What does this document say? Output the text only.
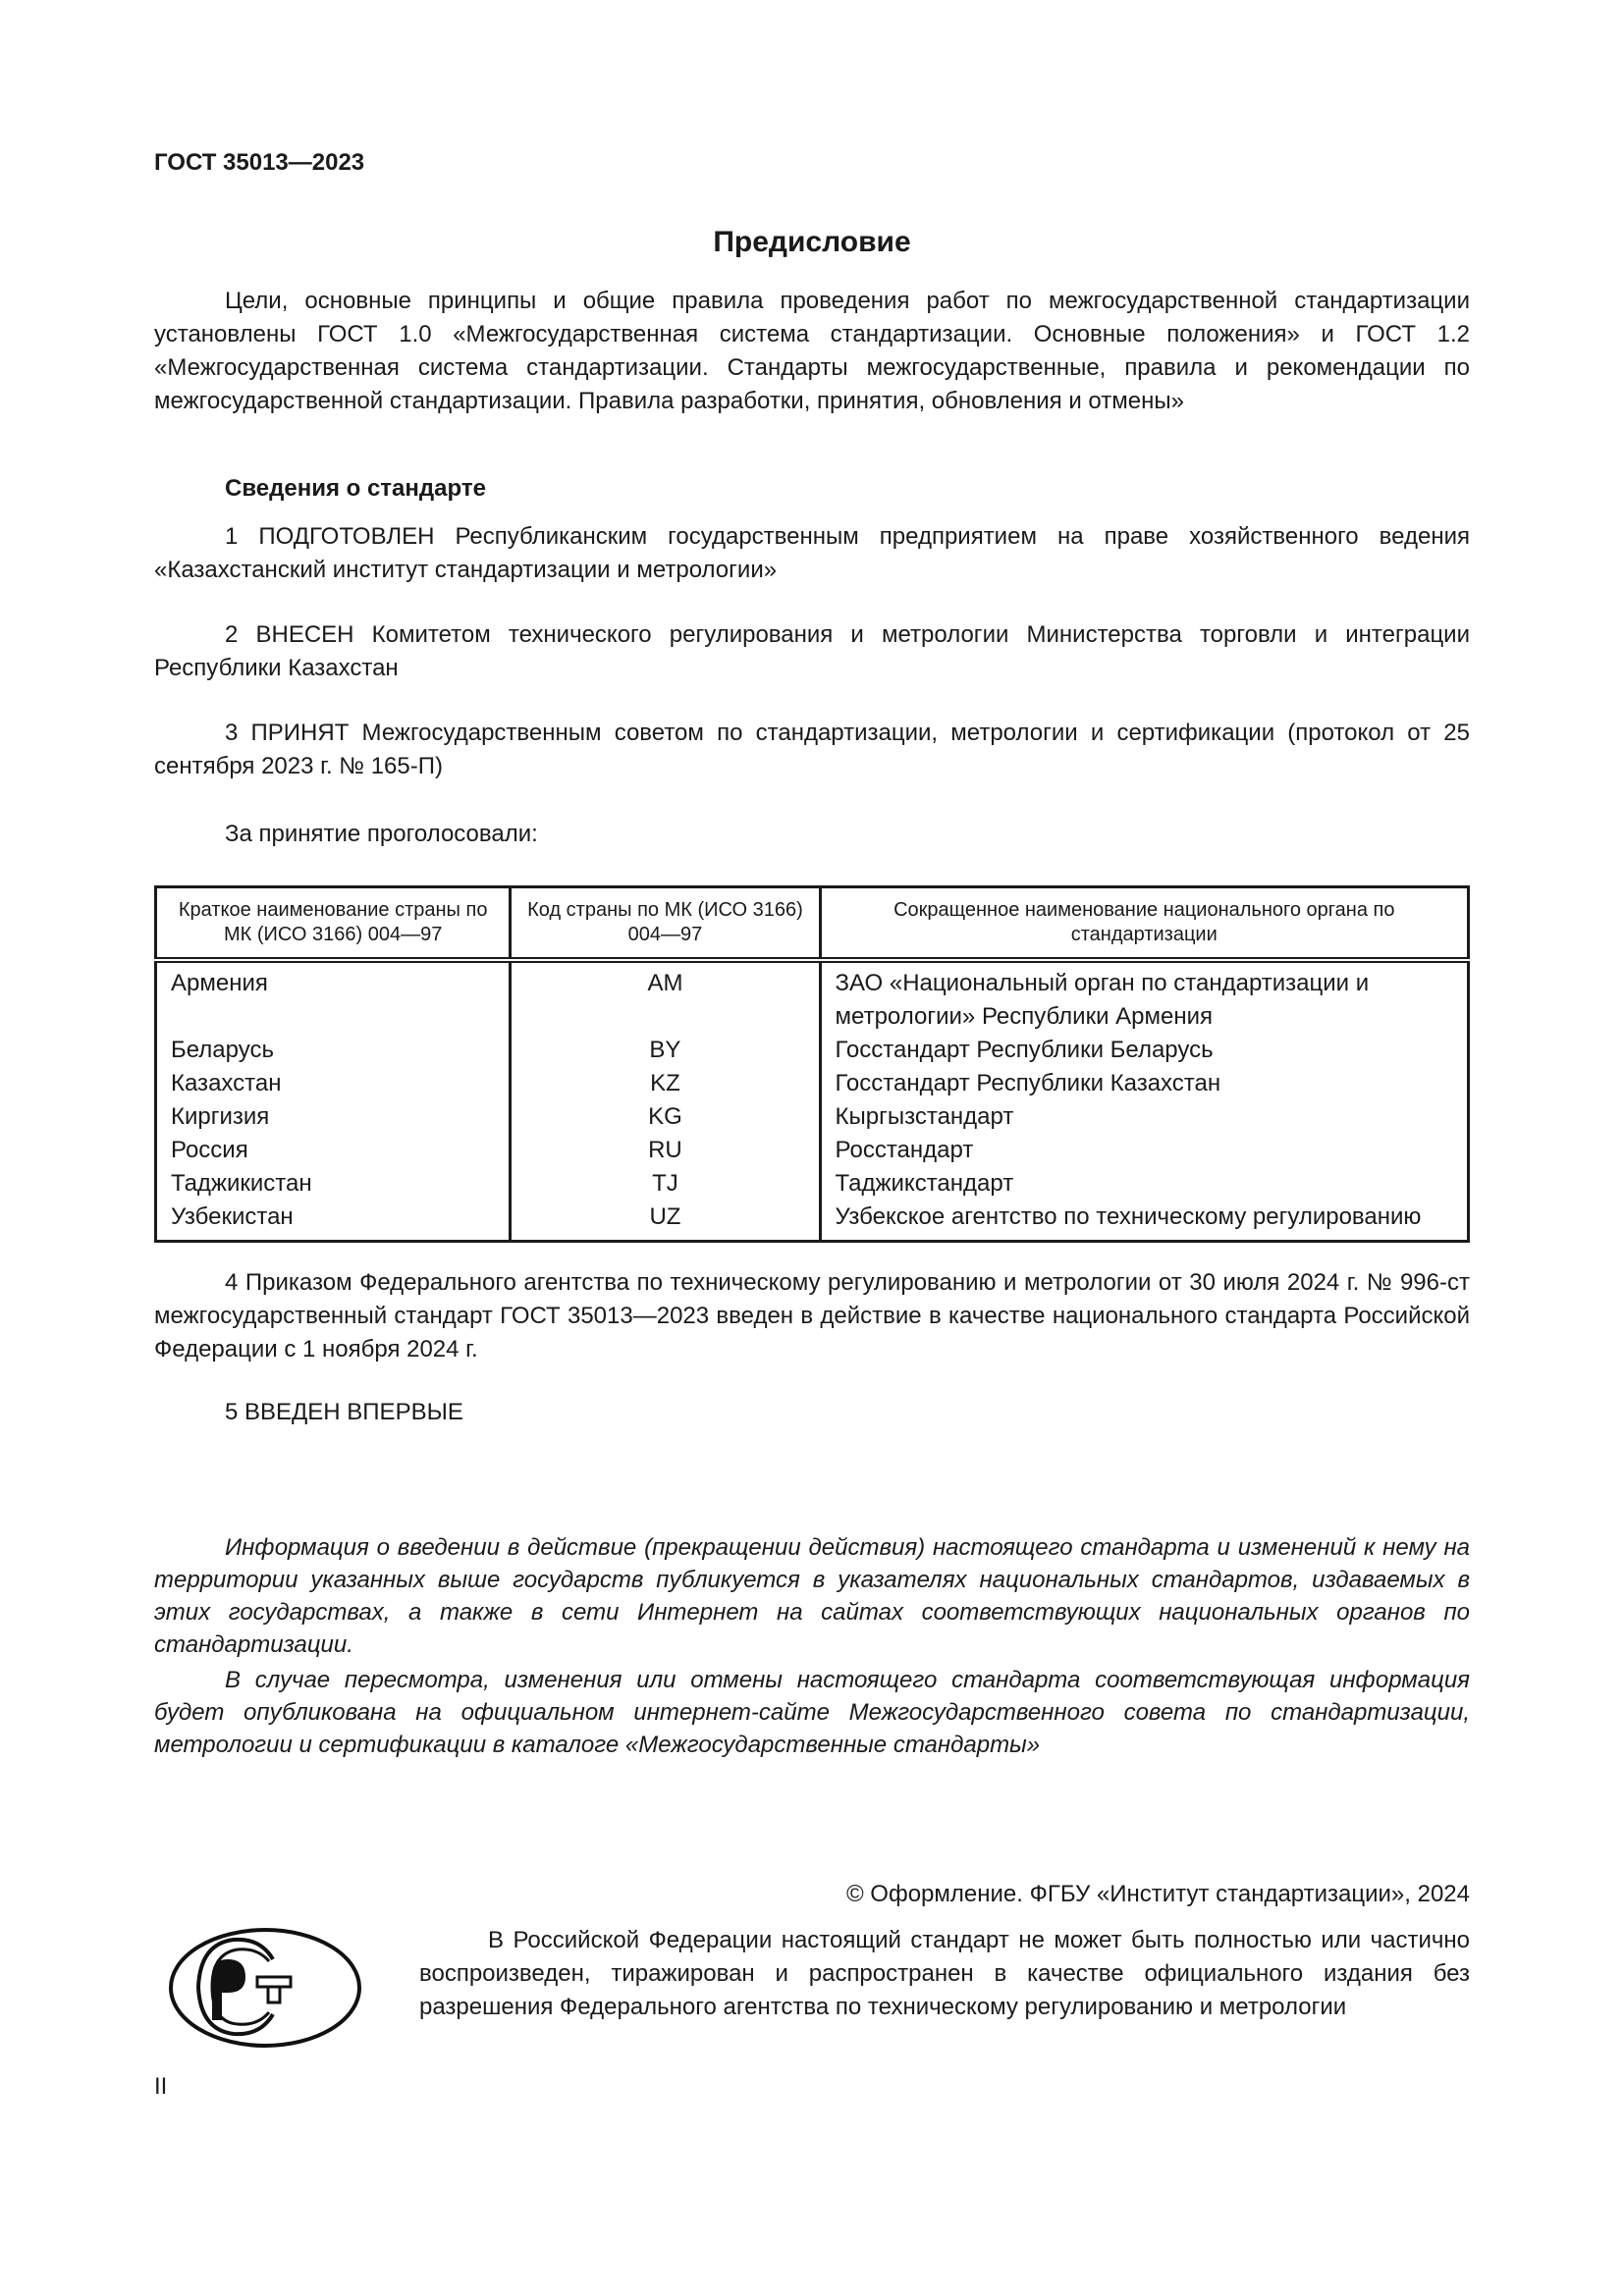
ГОСТ 35013—2023
Предисловие

Цели, основные принципы и общие правила проведения работ по межгосударственной стандартизации установлены ГОСТ 1.0 «Межгосударственная система стандартизации. Основные положения» и ГОСТ 1.2 «Межгосударственная система стандартизации. Стандарты межгосударственные, правила и рекомендации по межгосударственной стандартизации. Правила разработки, принятия, обновления и отмены»

Сведения о стандарте

1 ПОДГОТОВЛЕН Республиканским государственным предприятием на праве хозяйственного ведения «Казахстанский институт стандартизации и метрологии»

2 ВНЕСЕН Комитетом технического регулирования и метрологии Министерства торговли и интеграции Республики Казахстан

3 ПРИНЯТ Межгосударственным советом по стандартизации, метрологии и сертификации (протокол от 25 сентября 2023 г. № 165-П)

За принятие проголосовали:
Краткое наименование страны по МК (ИСО 3166) 004—97	Код страны по МК (ИСО 3166) 004—97	Сокращенное наименование национального органа по стандартизации
Армения	AM	ЗАО «Национальный орган по стандартизации и метрологии» Республики Армения
Беларусь	BY	Госстандарт Республики Беларусь
Казахстан	KZ	Госстандарт Республики Казахстан
Киргизия	KG	Кыргызстандарт
Россия	RU	Росстандарт
Таджикистан	TJ	Таджикстандарт
Узбекистан	UZ	Узбекское агентство по техническому регулированию

4 Приказом Федерального агентства по техническому регулированию и метрологии от 30 июля 2024 г. № 996-ст межгосударственный стандарт ГОСТ 35013—2023 введен в действие в качестве национального стандарта Российской Федерации с 1 ноября 2024 г.

5 ВВЕДЕН ВПЕРВЫЕ

Информация о введении в действие (прекращении действия) настоящего стандарта и изменений к нему на территории указанных выше государств публикуется в указателях национальных стандартов, издаваемых в этих государствах, а также в сети Интернет на сайтах соответствующих национальных органов по стандартизации.

В случае пересмотра, изменения или отмены настоящего стандарта соответствующая информация будет опубликована на официальном интернет-сайте Межгосударственного совета по стандартизации, метрологии и сертификации в каталоге «Межгосударственные стандарты»

© Оформление. ФГБУ «Институт стандартизации», 2024

В Российской Федерации настоящий стандарт не может быть полностью или частично воспроизведен, тиражирован и распространен в качестве официального издания без разрешения Федерального агентства по техническому регулированию и метрологии

II
